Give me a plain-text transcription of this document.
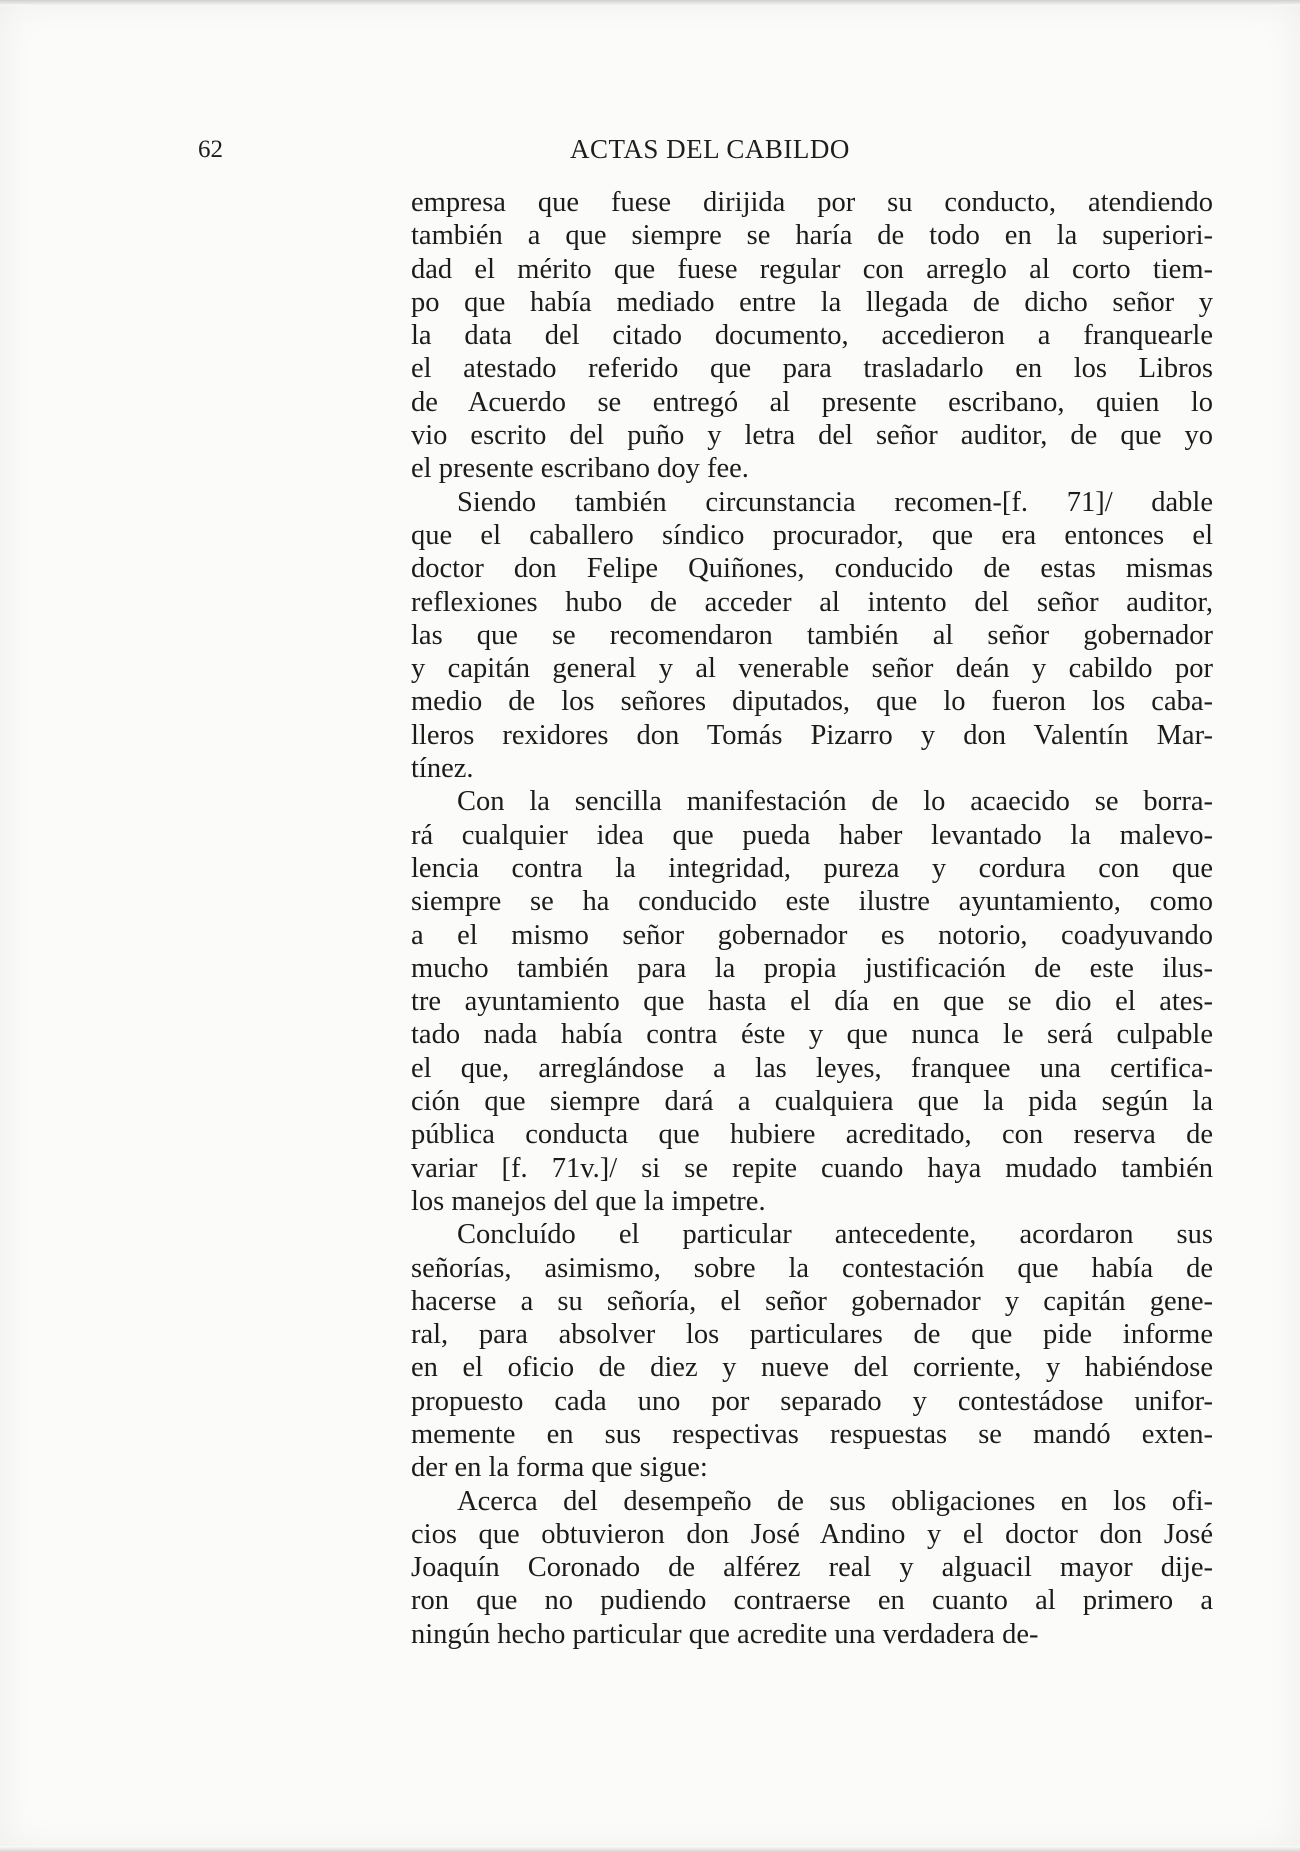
62	ACTAS DEL CABILDO
empresa que fuese dirijida por su conducto, atendiendo
también a que siempre se haría de todo en la superiori-
dad el mérito que fuese regular con arreglo al corto tiem-
po que había mediado entre la llegada de dicho señor y
la data del citado documento, accedieron a franquearle
el atestado referido que para trasladarlo en los Libros
de Acuerdo se entregó al presente escribano, quien lo
vio escrito del puño y letra del señor auditor, de que yo
el presente escribano doy fee.
Siendo también circunstancia recomen-[f. 71]/ dable
que el caballero síndico procurador, que era entonces el
doctor don Felipe Quiñones, conducido de estas mismas
reflexiones hubo de acceder al intento del señor auditor,
las que se recomendaron también al señor gobernador
y capitán general y al venerable señor deán y cabildo por
medio de los señores diputados, que lo fueron los caba-
lleros rexidores don Tomás Pizarro y don Valentín Mar-
tínez.
Con la sencilla manifestación de lo acaecido se borra-
rá cualquier idea que pueda haber levantado la malevo-
lencia contra la integridad, pureza y cordura con que
siempre se ha conducido este ilustre ayuntamiento, como
a el mismo señor gobernador es notorio, coadyuvando
mucho también para la propia justificación de este ilus-
tre ayuntamiento que hasta el día en que se dio el ates-
tado nada había contra éste y que nunca le será culpable
el que, arreglándose a las leyes, franquee una certifica-
ción que siempre dará a cualquiera que la pida según la
pública conducta que hubiere acreditado, con reserva de
variar [f. 71v.]/ si se repite cuando haya mudado también
los manejos del que la impetre.
Concluído el particular antecedente, acordaron sus
señorías, asimismo, sobre la contestación que había de
hacerse a su señoría, el señor gobernador y capitán gene-
ral, para absolver los particulares de que pide informe
en el oficio de diez y nueve del corriente, y habiéndose
propuesto cada uno por separado y contestádose unifor-
memente en sus respectivas respuestas se mandó exten-
der en la forma que sigue:
Acerca del desempeño de sus obligaciones en los ofi-
cios que obtuvieron don José Andino y el doctor don José
Joaquín Coronado de alférez real y alguacil mayor dije-
ron que no pudiendo contraerse en cuanto al primero a
ningún hecho particular que acredite una verdadera de-
